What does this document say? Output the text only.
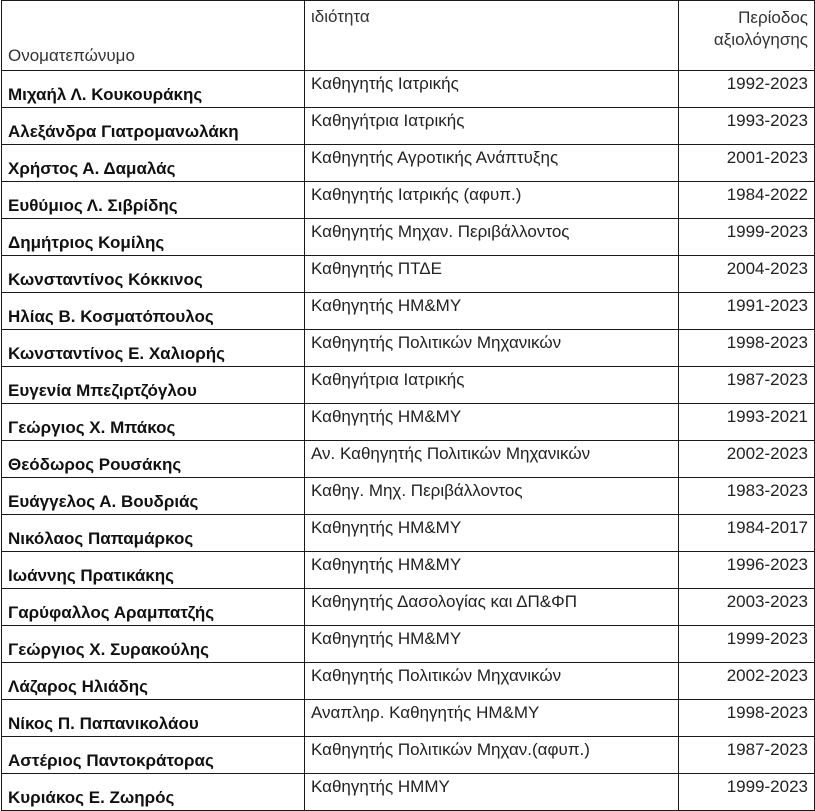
Ονοματεπώνυμο	ιδιότητα	Περίοδος
αξιολόγησης
Μιχαήλ Λ. Κουκουράκης	Καθηγητής Ιατρικής	1992-2023
Αλεξάνδρα Γιατρομανωλάκη	Καθηγήτρια Ιατρικής	1993-2023
Χρήστος Α. Δαμαλάς	Καθηγητής Αγροτικής Ανάπτυξης	2001-2023
Ευθύμιος Λ. Σιβρίδης	Καθηγητής Ιατρικής (αφυπ.)	1984-2022
Δημήτριος Κομίλης	Καθηγητής Μηχαν. Περιβάλλοντος	1999-2023
Κωνσταντίνος Κόκκινος	Καθηγητής ΠΤΔΕ	2004-2023
Ηλίας Β. Κοσματόπουλος	Καθηγητής ΗΜ&ΜΥ	1991-2023
Κωνσταντίνος Ε. Χαλιορής	Καθηγητής Πολιτικών Μηχανικών	1998-2023
Ευγενία Μπεζιρτζόγλου	Καθηγήτρια Ιατρικής	1987-2023
Γεώργιος Χ. Μπάκος	Καθηγητής ΗΜ&ΜΥ	1993-2021
Θεόδωρος Ρουσάκης	Αν. Καθηγητής Πολιτικών Μηχανικών	2002-2023
Ευάγγελος Α. Βουδριάς	Καθηγ. Μηχ. Περιβάλλοντος	1983-2023
Νικόλαος Παπαμάρκος	Καθηγητής ΗΜ&ΜΥ	1984-2017
Ιωάννης Πρατικάκης	Καθηγητής ΗΜ&ΜΥ	1996-2023
Γαρύφαλλος Αραμπατζής	Καθηγητής Δασολογίας και ΔΠ&ΦΠ	2003-2023
Γεώργιος Χ. Συρακούλης	Καθηγητής ΗΜ&ΜΥ	1999-2023
Λάζαρος Ηλιάδης	Καθηγητής Πολιτικών Μηχανικών	2002-2023
Νίκος Π. Παπανικολάου	Αναπληρ. Καθηγητής ΗΜ&ΜΥ	1998-2023
Αστέριος Παντοκράτορας	Καθηγητής Πολιτικών Μηχαν.(αφυπ.)	1987-2023
Κυριάκος Ε. Ζωηρός	Καθηγητής ΗΜΜΥ	1999-2023
